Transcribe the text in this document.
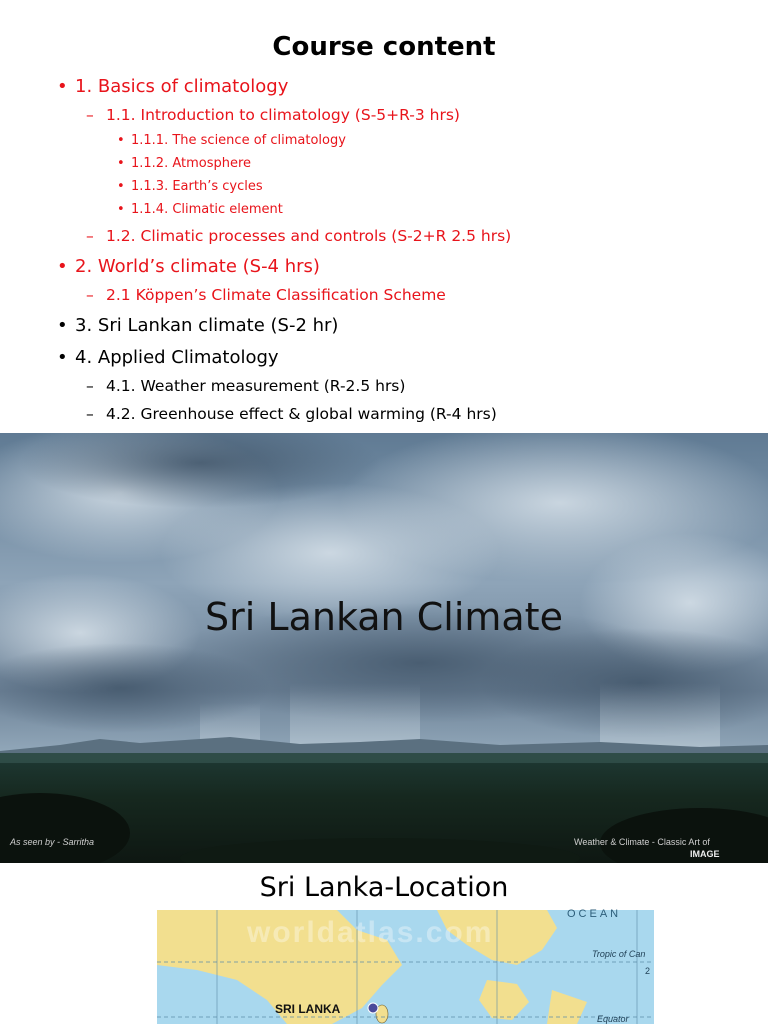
Course content
• 1. Basics of climatology
– 1.1. Introduction to climatology (S-5+R-3 hrs)
• 1.1.1. The science of climatology
• 1.1.2. Atmosphere
• 1.1.3. Earth’s cycles
• 1.1.4. Climatic element
– 1.2. Climatic processes and controls (S-2+R 2.5 hrs)
• 2. World’s climate (S-4 hrs)
– 2.1 Köppen’s Climate Classification Scheme
• 3. Sri Lankan climate (S-2 hr)
• 4. Applied Climatology
– 4.1. Weather measurement (R-2.5 hrs)
– 4.2. Greenhouse effect & global warming (R-4 hrs)
Sri Lankan Climate
As seen by - Sarritha	Weather & Climate - Classic Art of
IMAGE
Sri Lanka-Location
OCEAN
Tropic of Can
2
SRI LANKA
Equator
worldatlas.com
